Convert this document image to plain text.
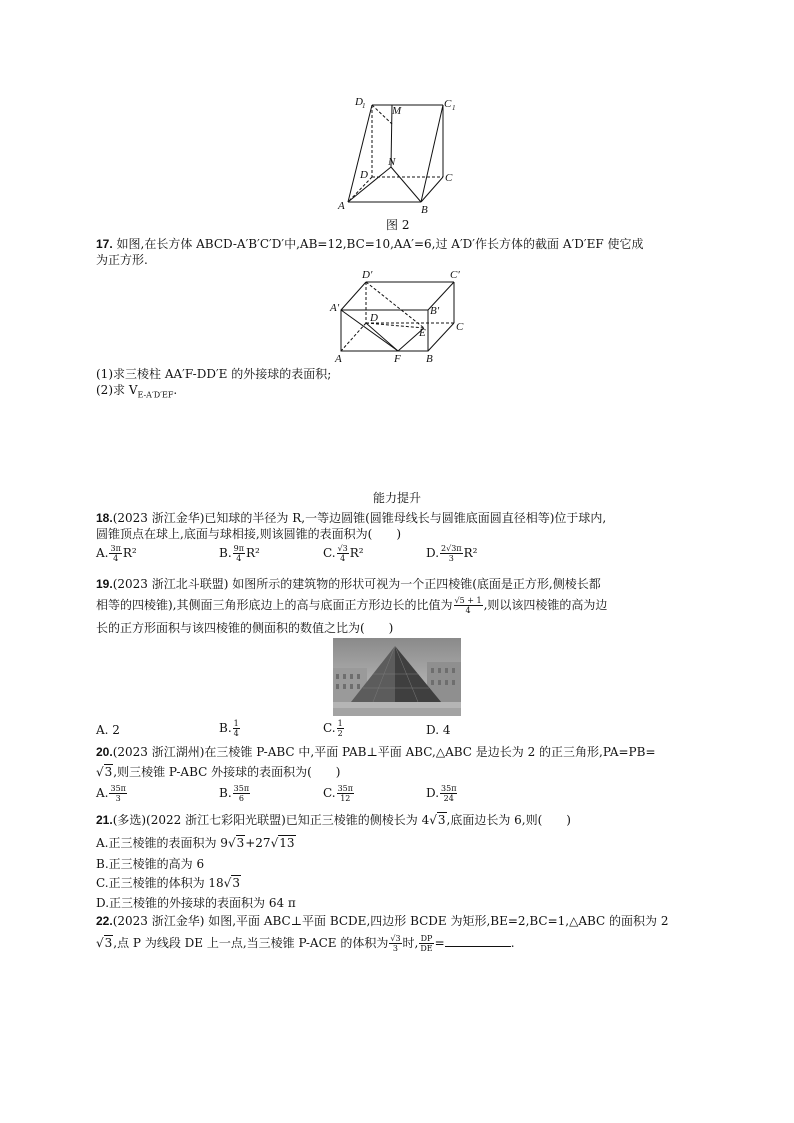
D 1 M
C 1
N
D	C
A	B
图 2
17. 如图,在长方体 ABCD-A′B′C′D′中,AB=12,BC=10,AA′=6,过 A′D′作长方体的截面 A′D′EF 使它成
为正方形.
D′	C′
A′	B′
D
E	C
A	F B
(1)求三棱柱 AA′F-DD′E 的外接球的表面积;
(2)求 $V_{E-A'D'EF}$.
能力提升
18.(2023 浙江金华)已知球的半径为 R,一等边圆锥(圆锥母线长与圆锥底面圆直径相等)位于球内,
圆锥顶点在球上,底面与球相接,则该圆锥的表面积为(　　)
A. $\frac{3\pi}{4} R^2$	B. $\frac{9\pi}{4} R^2$	C. $\frac{√3}{4} R^2$	D. $\frac{2√3\pi}{3} R^2$
19.(2023 浙江北斗联盟) 如图所示的建筑物的形状可视为一个正四棱锥(底面是正方形,侧棱长都
相等的四棱锥),其侧面三角形底边上的高与底面正方形边长的比值为 $\frac{√5 + 1}{4}$ ,则以该四棱锥的高为边
长的正方形面积与该四棱锥的侧面积的数值之比为(　　)
A. 2	B. $\frac{1}{4}$	C. $\frac{1}{2}$	D. 4
20.(2023 浙江湖州)在三棱锥 P-ABC 中,平面 PAB⊥平面 ABC,△ABC 是边长为 2 的正三角形,PA=PB=
√3,则三棱锥 P-ABC 外接球的表面积为(　　)
A. $\frac{35\pi}{3}$	B. $\frac{35\pi}{6}$	C. $\frac{35\pi}{12}$	D. $\frac{35\pi}{24}$
21.(多选)(2022 浙江七彩阳光联盟)已知正三棱锥的侧棱长为 4√3,底面边长为 6,则(　　)
A.正三棱锥的表面积为 9√3+27√13
B.正三棱锥的高为 6
C.正三棱锥的体积为 18√3
D.正三棱锥的外接球的表面积为 64 π
22.(2023 浙江金华) 如图,平面 ABC⊥平面 BCDE,四边形 BCDE 为矩形,BE=2,BC=1,△ABC 的面积为 2
√3,点 P 为线段 DE 上一点,当三棱锥 P-ACE 的体积为 $\frac{√3}{3}$ 时, $\frac{DP}{DE}$ =	.
